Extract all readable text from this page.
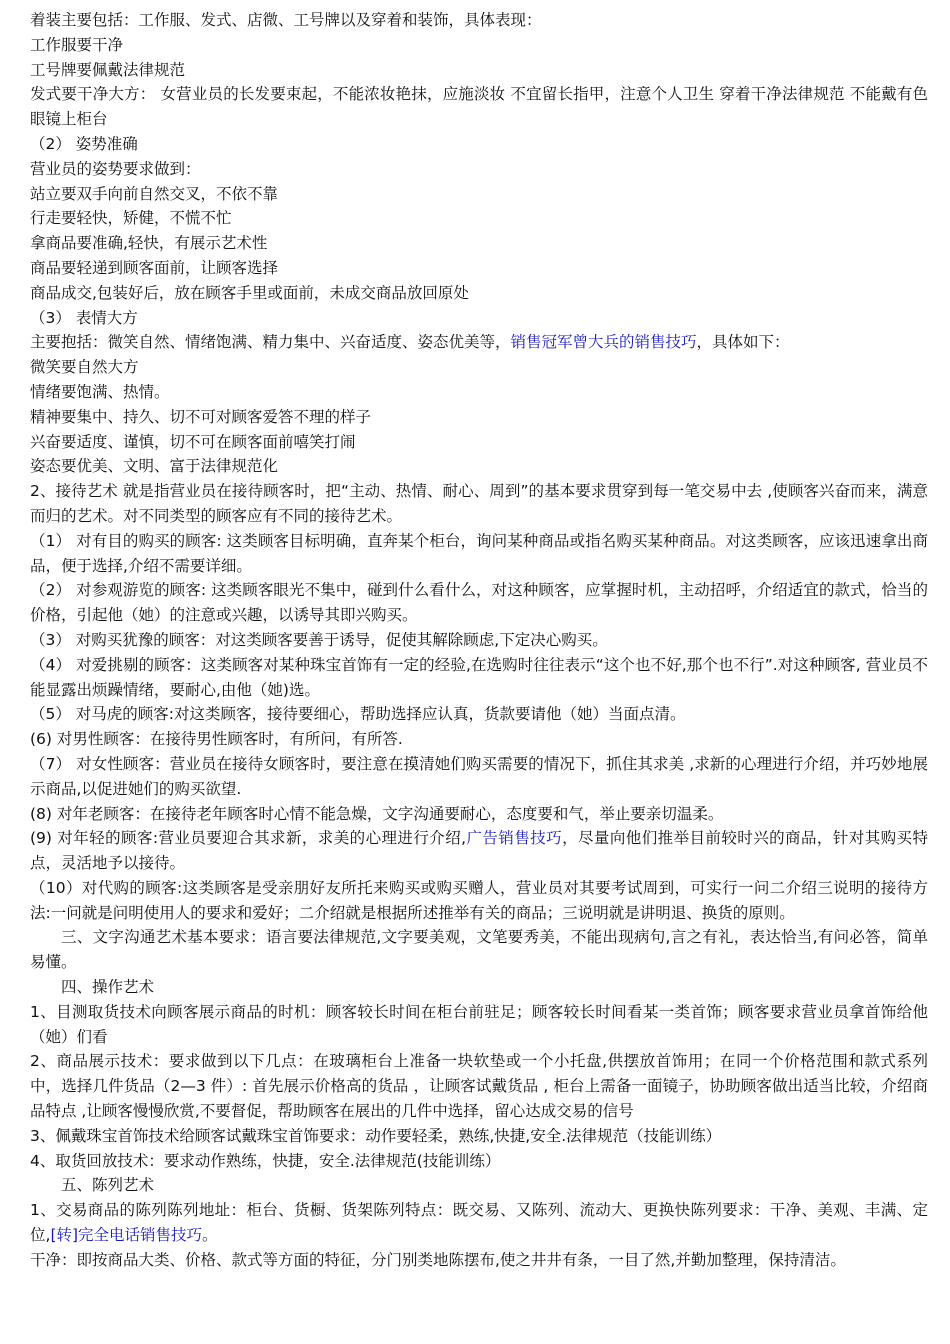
着装主要包括：工作服、发式、店微、工号牌以及穿着和装饰，具体表现：

工作服要干净

工号牌要佩戴法律规范

发式要干净大方： 女营业员的长发要束起，不能浓妆艳抹，应施淡妆 不宜留长指甲，注意个人卫生 穿着干净法律规范 不能戴有色眼镜上柜台

（2） 姿势准确

营业员的姿势要求做到：

站立要双手向前自然交叉，不依不靠

行走要轻快，矫健，不慌不忙

拿商品要准确,轻快，有展示艺术性

商品要轻递到顾客面前，让顾客选择

商品成交,包装好后，放在顾客手里或面前，未成交商品放回原处

（3） 表情大方

主要抱括：微笑自然、情绪饱满、精力集中、兴奋适度、姿态优美等，销售冠军曾大兵的销售技巧，具体如下：

微笑要自然大方

情绪要饱满、热情。

精神要集中、持久、切不可对顾客爱答不理的样子

兴奋要适度、谨慎，切不可在顾客面前嘻笑打闹

姿态要优美、文明、富于法律规范化

2、接待艺术 就是指营业员在接待顾客时，把“主动、热情、耐心、周到”的基本要求贯穿到每一笔交易中去 ,使顾客兴奋而来，满意而归的艺术。对不同类型的顾客应有不同的接待艺术。

（1） 对有目的购买的顾客: 这类顾客目标明确，直奔某个柜台，询问某种商品或指名购买某种商品。对这类顾客，应该迅速拿出商品，便于选择,介绍不需要详细。

（2） 对参观游览的顾客: 这类顾客眼光不集中，碰到什么看什么，对这种顾客，应掌握时机，主动招呼，介绍适宜的款式，恰当的价格，引起他（她）的注意或兴趣，以诱导其即兴购买。

（3） 对购买犹豫的顾客：对这类顾客要善于诱导，促使其解除顾虑,下定决心购买。

（4） 对爱挑剔的顾客：这类顾客对某种珠宝首饰有一定的经验,在选购时往往表示“这个也不好,那个也不行”.对这种顾客, 营业员不能显露出烦躁情绪，要耐心,由他（她)选。

（5） 对马虎的顾客:对这类顾客，接待要细心，帮助选择应认真，货款要请他（她）当面点清。

(6) 对男性顾客：在接待男性顾客时，有所问，有所答.

（7） 对女性顾客：营业员在接待女顾客时，要注意在摸清她们购买需要的情况下，抓住其求美 ,求新的心理进行介绍，并巧妙地展示商品,以促进她们的购买欲望.

(8) 对年老顾客：在接待老年顾客时心情不能急燥，文字沟通要耐心，态度要和气，举止要亲切温柔。

(9) 对年轻的顾客:营业员要迎合其求新，求美的心理进行介绍,广告销售技巧，尽量向他们推举目前较时兴的商品，针对其购买特点，灵活地予以接待。

（10）对代购的顾客:这类顾客是受亲朋好友所托来购买或购买赠人，营业员对其要考试周到，可实行一问二介绍三说明的接待方法:一问就是问明使用人的要求和爱好；二介绍就是根据所述推举有关的商品；三说明就是讲明退、换货的原则。

三、文字沟通艺术基本要求：语言要法律规范,文字要美观，文笔要秀美，不能出现病句,言之有礼，表达恰当,有问必答，简单易懂。

四、操作艺术

1、目测取货技术向顾客展示商品的时机：顾客较长时间在柜台前驻足；顾客较长时间看某一类首饰；顾客要求营业员拿首饰给他（她）们看

2、商品展示技术：要求做到以下几点：在玻璃柜台上准备一块软垫或一个小托盘,供摆放首饰用；在同一个价格范围和款式系列中，选择几件货品（2—3 件）: 首先展示价格高的货品 ，让顾客试戴货品 , 柜台上需备一面镜子，协助顾客做出适当比较，介绍商品特点 ,让顾客慢慢欣赏,不要督促，帮助顾客在展出的几件中选择，留心达成交易的信号

3、佩戴珠宝首饰技术给顾客试戴珠宝首饰要求：动作要轻柔，熟练,快捷,安全.法律规范（技能训练）

4、取货回放技术：要求动作熟练，快捷，安全.法律规范(技能训练）

五、陈列艺术

1、交易商品的陈列陈列地址：柜台、货橱、货架陈列特点：既交易、又陈列、流动大、更换快陈列要求：干净、美观、丰满、定位,[转]完全电话销售技巧。

干净：即按商品大类、价格、款式等方面的特征，分门别类地陈摆布,使之井井有条，一目了然,并勤加整理，保持清洁。
